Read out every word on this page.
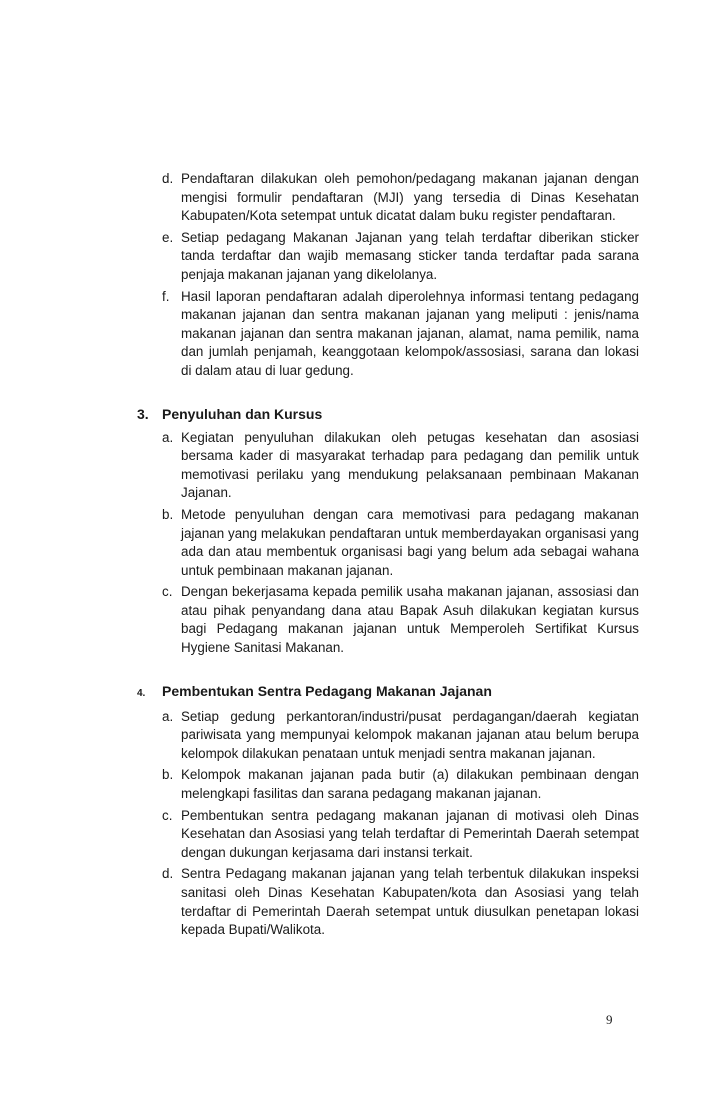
d. Pendaftaran dilakukan oleh pemohon/pedagang makanan jajanan dengan mengisi formulir pendaftaran (MJI) yang tersedia di Dinas Kesehatan Kabupaten/Kota setempat untuk dicatat dalam buku register pendaftaran.
e. Setiap pedagang Makanan Jajanan yang telah terdaftar diberikan sticker tanda terdaftar dan wajib memasang sticker tanda terdaftar pada sarana penjaja makanan jajanan yang dikelolanya.
f. Hasil laporan pendaftaran adalah diperolehnya informasi tentang pedagang makanan jajanan dan sentra makanan jajanan yang meliputi : jenis/nama makanan jajanan dan sentra makanan jajanan, alamat, nama pemilik, nama dan jumlah penjamah, keanggotaan kelompok/assosiasi, sarana dan lokasi di dalam atau di luar gedung.
3. Penyuluhan dan Kursus
a. Kegiatan penyuluhan dilakukan oleh petugas kesehatan dan asosiasi bersama kader di masyarakat terhadap para pedagang dan pemilik untuk memotivasi perilaku yang mendukung pelaksanaan pembinaan Makanan Jajanan.
b. Metode penyuluhan dengan cara memotivasi para pedagang makanan jajanan yang melakukan pendaftaran untuk memberdayakan organisasi yang ada dan atau membentuk organisasi bagi yang belum ada sebagai wahana untuk pembinaan makanan jajanan.
c. Dengan bekerjasama kepada pemilik usaha makanan jajanan, assosiasi dan atau pihak penyandang dana atau Bapak Asuh dilakukan kegiatan kursus bagi Pedagang makanan jajanan untuk Memperoleh Sertifikat Kursus Hygiene Sanitasi Makanan.
4. Pembentukan Sentra Pedagang Makanan Jajanan
a. Setiap gedung perkantoran/industri/pusat perdagangan/daerah kegiatan pariwisata yang mempunyai kelompok makanan jajanan atau belum berupa kelompok dilakukan penataan untuk menjadi sentra makanan jajanan.
b. Kelompok makanan jajanan pada butir (a) dilakukan pembinaan dengan melengkapi fasilitas dan sarana pedagang makanan jajanan.
c. Pembentukan sentra pedagang makanan jajanan di motivasi oleh Dinas Kesehatan dan Asosiasi yang telah terdaftar di Pemerintah Daerah setempat dengan dukungan kerjasama dari instansi terkait.
d. Sentra Pedagang makanan jajanan yang telah terbentuk dilakukan inspeksi sanitasi oleh Dinas Kesehatan Kabupaten/kota dan Asosiasi yang telah terdaftar di Pemerintah Daerah setempat untuk diusulkan penetapan lokasi kepada Bupati/Walikota.
9
